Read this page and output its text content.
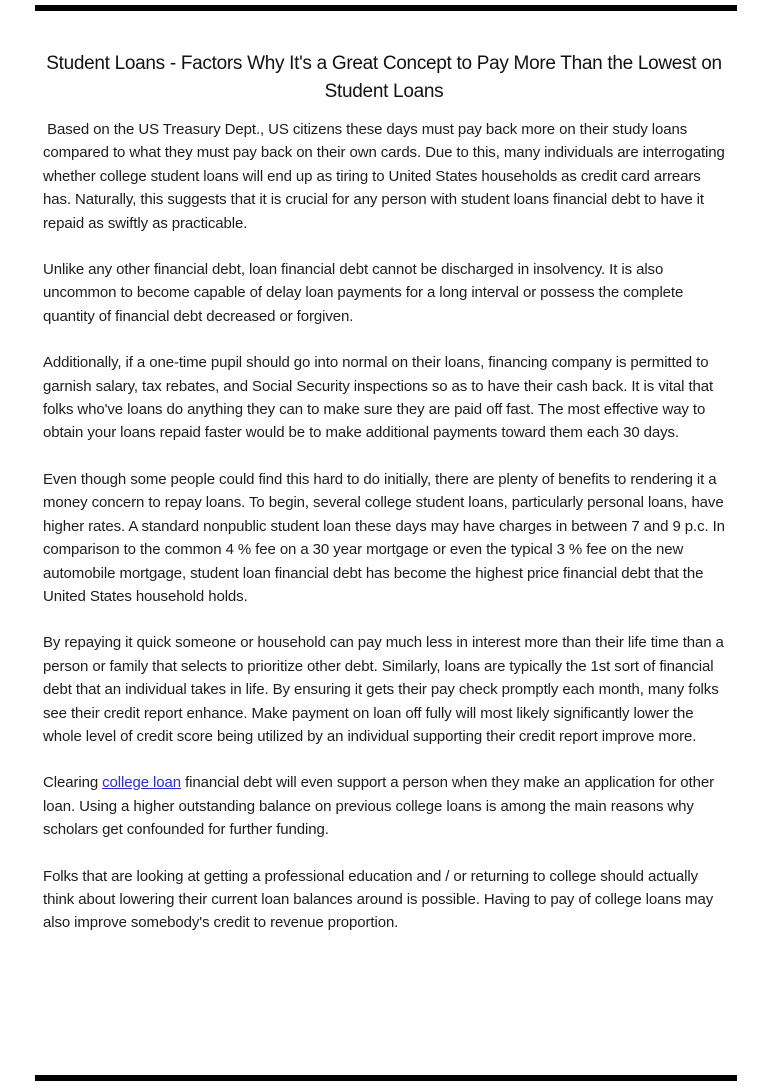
Student Loans - Factors Why It's a Great Concept to Pay More Than the Lowest on Student Loans

Based on the US Treasury Dept., US citizens these days must pay back more on their study loans compared to what they must pay back on their own cards. Due to this, many individuals are interrogating whether college student loans will end up as tiring to United States households as credit card arrears has. Naturally, this suggests that it is crucial for any person with student loans financial debt to have it repaid as swiftly as practicable.

Unlike any other financial debt, loan financial debt cannot be discharged in insolvency. It is also uncommon to become capable of delay loan payments for a long interval or possess the complete quantity of financial debt decreased or forgiven.

Additionally, if a one-time pupil should go into normal on their loans, financing company is permitted to garnish salary, tax rebates, and Social Security inspections so as to have their cash back. It is vital that folks who've loans do anything they can to make sure they are paid off fast. The most effective way to obtain your loans repaid faster would be to make additional payments toward them each 30 days.

Even though some people could find this hard to do initially, there are plenty of benefits to rendering it a money concern to repay loans. To begin, several college student loans, particularly personal loans, have higher rates. A standard nonpublic student loan these days may have charges in between 7 and 9 p.c. In comparison to the common 4 % fee on a 30 year mortgage or even the typical 3 % fee on the new automobile mortgage, student loan financial debt has become the highest price financial debt that the United States household holds.

By repaying it quick someone or household can pay much less in interest more than their life time than a person or family that selects to prioritize other debt. Similarly, loans are typically the 1st sort of financial debt that an individual takes in life. By ensuring it gets their pay check promptly each month, many folks see their credit report enhance. Make payment on loan off fully will most likely significantly lower the whole level of credit score being utilized by an individual supporting their credit report improve more.

Clearing college loan financial debt will even support a person when they make an application for other loan. Using a higher outstanding balance on previous college loans is among the main reasons why scholars get confounded for further funding.

Folks that are looking at getting a professional education and / or returning to college should actually think about lowering their current loan balances around is possible. Having to pay of college loans may also improve somebody's credit to revenue proportion.
